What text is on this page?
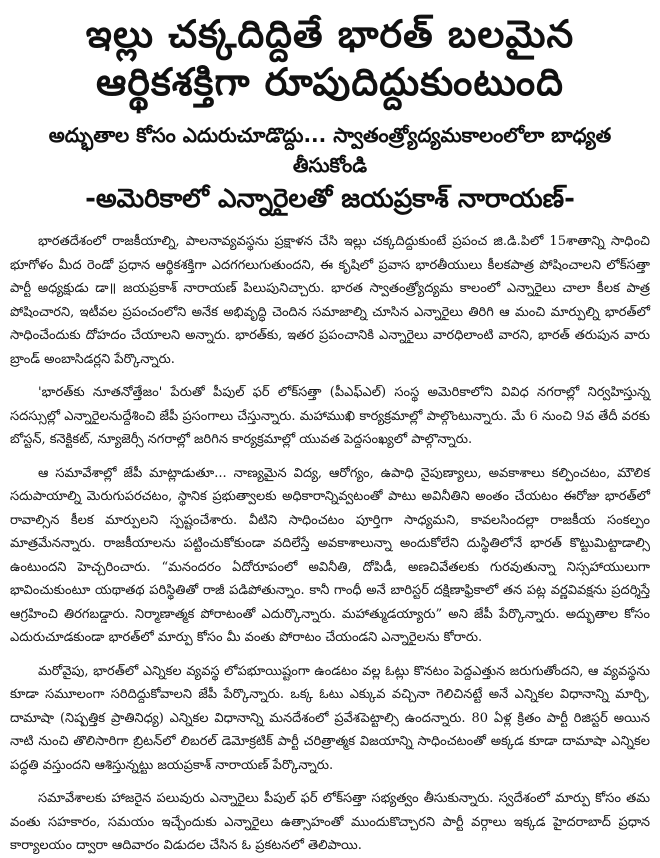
ఇల్లు చక్కదిద్దితే భారత్ బలమైన
ఆర్థికశక్తిగా రూపుదిద్దుకుంటుంది
అద్భుతాల కోసం ఎదురుచూడొద్దు... స్వాతంత్ర్యోద్యమకాలంలోలా బాధ్యత తీసుకోండి
-అమెరికాలో ఎన్నారైలతో జయప్రకాశ్ నారాయణ్-

భారతదేశంలో రాజకీయాల్ని, పాలనావ్యవస్థను ప్రక్షాళన చేసి ఇల్లు చక్కదిద్దుకుంటే ప్రపంచ జి.డి.పిలో 15శాతాన్ని సాధించి భూగోళం మీద రెండో ప్రధాన ఆర్థికశక్తిగా ఎదగగలుగుతుందని, ఈ కృషిలో ప్రవాస భారతీయులు కీలకపాత్ర పోషించాలని లోక్‌సత్తా పార్టీ అధ్యక్షుడు డా॥ జయప్రకాశ్ నారాయణ్ పిలుపునిచ్చారు. భారత స్వాతంత్ర్యోద్యమ కాలంలో ఎన్నారైలు చాలా కీలక పాత్ర పోషించారని, ఇటీవల ప్రపంచంలోని అనేక అభివృద్ధి చెందిన సమాజాల్ని చూసిన ఎన్నారైలు తిరిగి ఆ మంచి మార్పుల్ని భారత్‌లో సాధించేందుకు దోహదం చేయాలని అన్నారు. భారత్‌కు, ఇతర ప్రపంచానికి ఎన్నారైలు వారధిలాంటి వారని, భారత్ తరుపున వారు బ్రాండ్ అంబాసిడర్లని పేర్కొన్నారు.

'భారత్‌కు నూతనోత్తేజం' పేరుతో పీపుల్ ఫర్ లోక్‌సత్తా (పీఎఫ్ఎల్) సంస్థ అమెరికాలోని వివిధ నగరాల్లో నిర్వహిస్తున్న సదస్సుల్లో ఎన్నారైలనుద్దేశించి జేపీ ప్రసంగాలు చేస్తున్నారు. మహాముఖి కార్యక్రమాల్లో పాల్గొంటున్నారు. మే 6 నుంచి 9వ తేదీ వరకు బోస్టన్, కనెక్టికట్, న్యూజెర్సీ నగరాల్లో జరిగిన కార్యక్రమాల్లో యువత పెద్దసంఖ్యలో పాల్గొన్నారు.

ఆ సమావేశాల్లో జేపీ మాట్లాడుతూ... నాణ్యమైన విద్య, ఆరోగ్యం, ఉపాధి నైపుణ్యాలు, అవకాశాలు కల్పించటం, మౌలిక సదుపాయాల్ని మెరుగుపరచటం, స్థానిక ప్రభుత్వాలకు అధికారాన్నివ్వటంతో పాటు అవినీతిని అంతం చేయటం ఈరోజు భారత్‌లో రావాల్సిన కీలక మార్పులని స్పష్టంచేశారు. వీటిని సాధించటం పూర్తిగా సాధ్యమని, కావలసిందల్లా రాజకీయ సంకల్పం మాత్రమేనన్నారు. రాజకీయాలను పట్టించుకోకుండా వదిలేస్తే అవకాశాలున్నా అందుకోలేని దుస్థితిలోనే భారత్ కొట్టుమిట్టాడాల్సి ఉంటుందని హెచ్చరించారు. “మనందరం ఏదోరూపంలో అవినీతి, దోపిడీ, అణచివేతలకు గురవుతున్నా నిస్సహాయులుగా భావించుకుంటూ యథాతథ పరిస్థితితో రాజీ పడిపోతున్నాం. కానీ గాంధీ అనే బారిస్టర్ దక్షిణాఫ్రికాలో తన పట్ల వర్ణవివక్షను ప్రదర్శిస్తే ఆగ్రహించి తిరగబడ్డారు. నిర్మాణాత్మక పోరాటంతో ఎదుర్కొన్నారు. మహాత్ముడయ్యారు” అని జేపీ పేర్కొన్నారు. అద్భుతాల కోసం ఎదురుచూడకుండా భారత్‌లో మార్పు కోసం మీ వంతు పోరాటం చేయండని ఎన్నారైలను కోరారు.

మరోవైపు, భారత్‌లో ఎన్నికల వ్యవస్థ లోపభూయిష్టంగా ఉండటం వల్ల ఓట్లు కొనటం పెద్దఎత్తున జరుగుతోందని, ఆ వ్యవస్థను కూడా సమూలంగా సరిదిద్దుకోవాలని జేపీ పేర్కొన్నారు. ఒక్క ఓటు ఎక్కువ వచ్చినా గెలిచినట్టే అనే ఎన్నికల విధానాన్ని మార్చి, దామాషా (నిష్పత్తిక ప్రాతినిధ్య) ఎన్నికల విధానాన్ని మనదేశంలో ప్రవేశపెట్టాల్సి ఉందన్నారు. 80 ఏళ్ల క్రితం పార్టీ రిజిస్టర్ అయిన నాటి నుంచి తొలిసారిగా బ్రిటన్‌లో లిబరల్ డెమోక్రటిక్ పార్టీ చరిత్రాత్మక విజయాన్ని సాధించటంతో అక్కడ కూడా దామాషా ఎన్నికల పద్ధతి వస్తుందని ఆశిస్తున్నట్టు జయప్రకాశ్ నారాయణ్ పేర్కొన్నారు.

సమావేశాలకు హాజరైన పలువురు ఎన్నారైలు పీపుల్ ఫర్ లోక్‌సత్తా సభ్యత్వం తీసుకున్నారు. స్వదేశంలో మార్పు కోసం తమ వంతు సహకారం, సమయం ఇచ్చేందుకు ఎన్నారైలు ఉత్సాహంతో ముందుకొచ్చారని పార్టీ వర్గాలు ఇక్కడ హైదరాబాద్ ప్రధాన కార్యాలయం ద్వారా ఆదివారం విడుదల చేసిన ఓ ప్రకటనలో తెలిపాయి.
